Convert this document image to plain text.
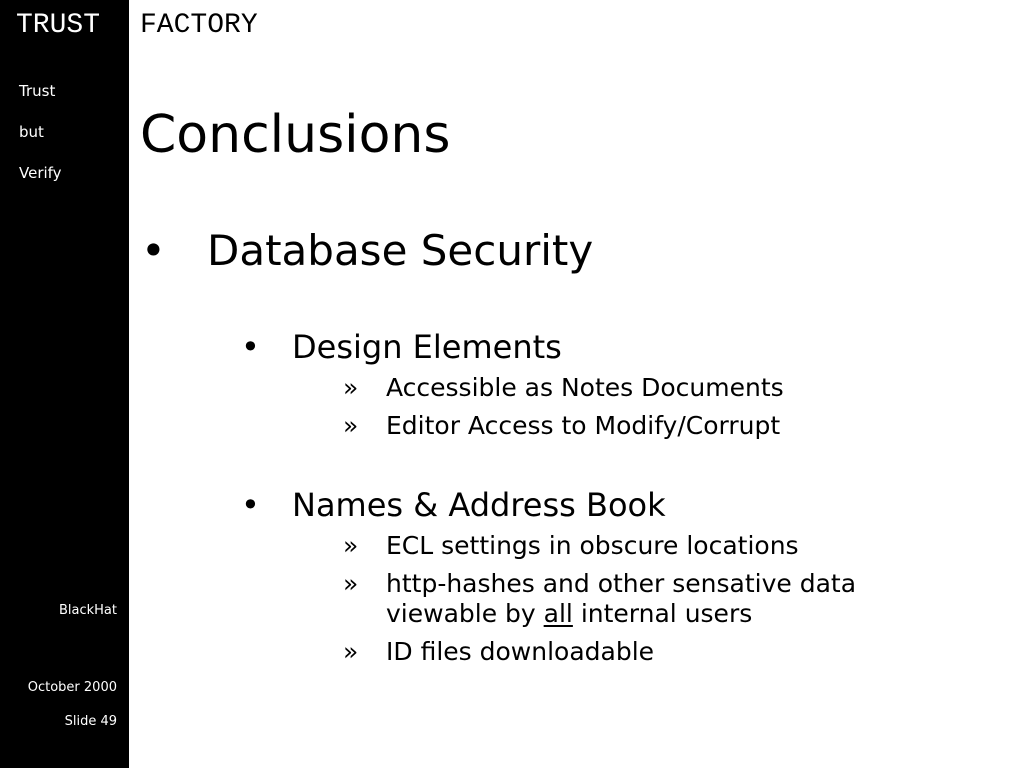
Trust
but
Verify
BlackHat
October 2000
Slide 49
TRUST FACTORY
Conclusions
• Database Security
• Design Elements
» Accessible as Notes Documents
» Editor Access to Modify/Corrupt
• Names & Address Book
» ECL settings in obscure locations
» http-hashes and other sensative data
viewable by all internal users
» ID files downloadable
